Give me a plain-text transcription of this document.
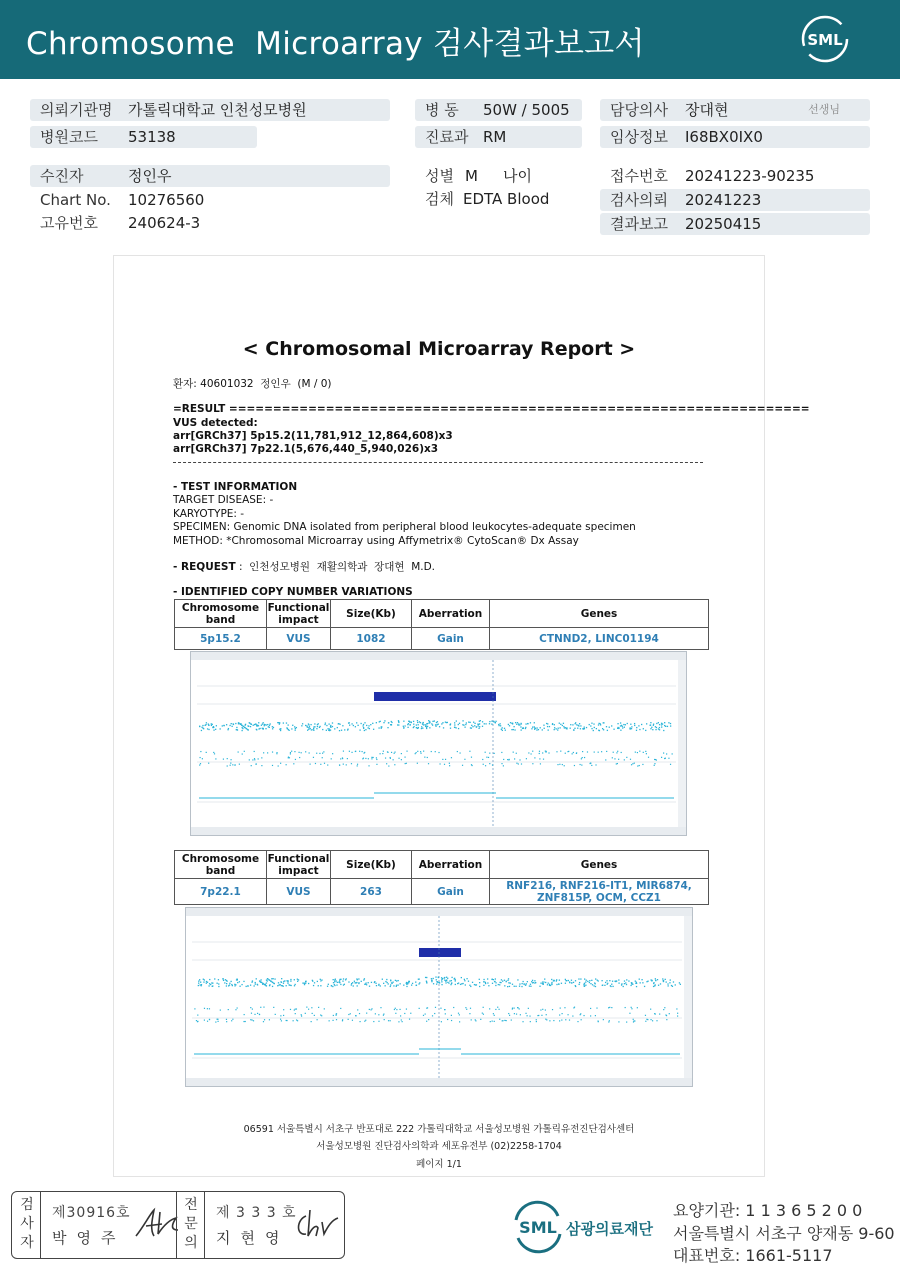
Chromosome  Microarray 검사결과보고서	SML
의뢰기관명 가톨릭대학교 인천성모병원	병 동 50W / 5005	담당의사 장대현	선생님
병원코드 53138	진료과 RM	임상정보 I68BX0IX0
수진자	정인우
Chart No. 10276560
고유번호 240624-3
성별 M 나이
검체 EDTA Blood
접수번호 20241223-90235
검사의뢰 20241223
결과보고 20250415
< Chromosomal Microarray Report >
환자: 40601032  정인우  (M / 0)
=RESULT ==================================================================
VUS detected:
arr[GRCh37] 5p15.2(11,781,912_12,864,608)x3
arr[GRCh37] 7p22.1(5,676,440_5,940,026)x3
- TEST INFORMATION
TARGET DISEASE: -
KARYOTYPE: -
SPECIMEN: Genomic DNA isolated from peripheral blood leukocytes-adequate specimen
METHOD: *Chromosomal Microarray using Affymetrix® CytoScan® Dx Assay
- REQUEST :  인천성모병원  재활의학과  장대현  M.D.
- IDENTIFIED COPY NUMBER VARIATIONS
Chromosome band	Functional impact	Size(Kb)	Aberration	Genes
5p15.2	VUS	1082	Gain	CTNND2, LINC01194
Chromosome band	Functional impact	Size(Kb)	Aberration	Genes
7p22.1	VUS	263	Gain	RNF216, RNF216-IT1, MIR6874, ZNF815P, OCM, CCZ1
06591 서울특별시 서초구 반포대로 222 가톨릭대학교 서울성모병원 가톨릭유전진단검사센터
서울성모병원 진단검사의학과 세포유전부 (02)2258-1704
페이지 1/1
검사자
제30916호
박영주
전문의
제 3 3 3 호
지현영
SML 삼광의료재단
요양기관: 1 1 3 6 5 2 0 0
서울특별시 서초구 양재동 9-60
대표번호: 1661-5117
